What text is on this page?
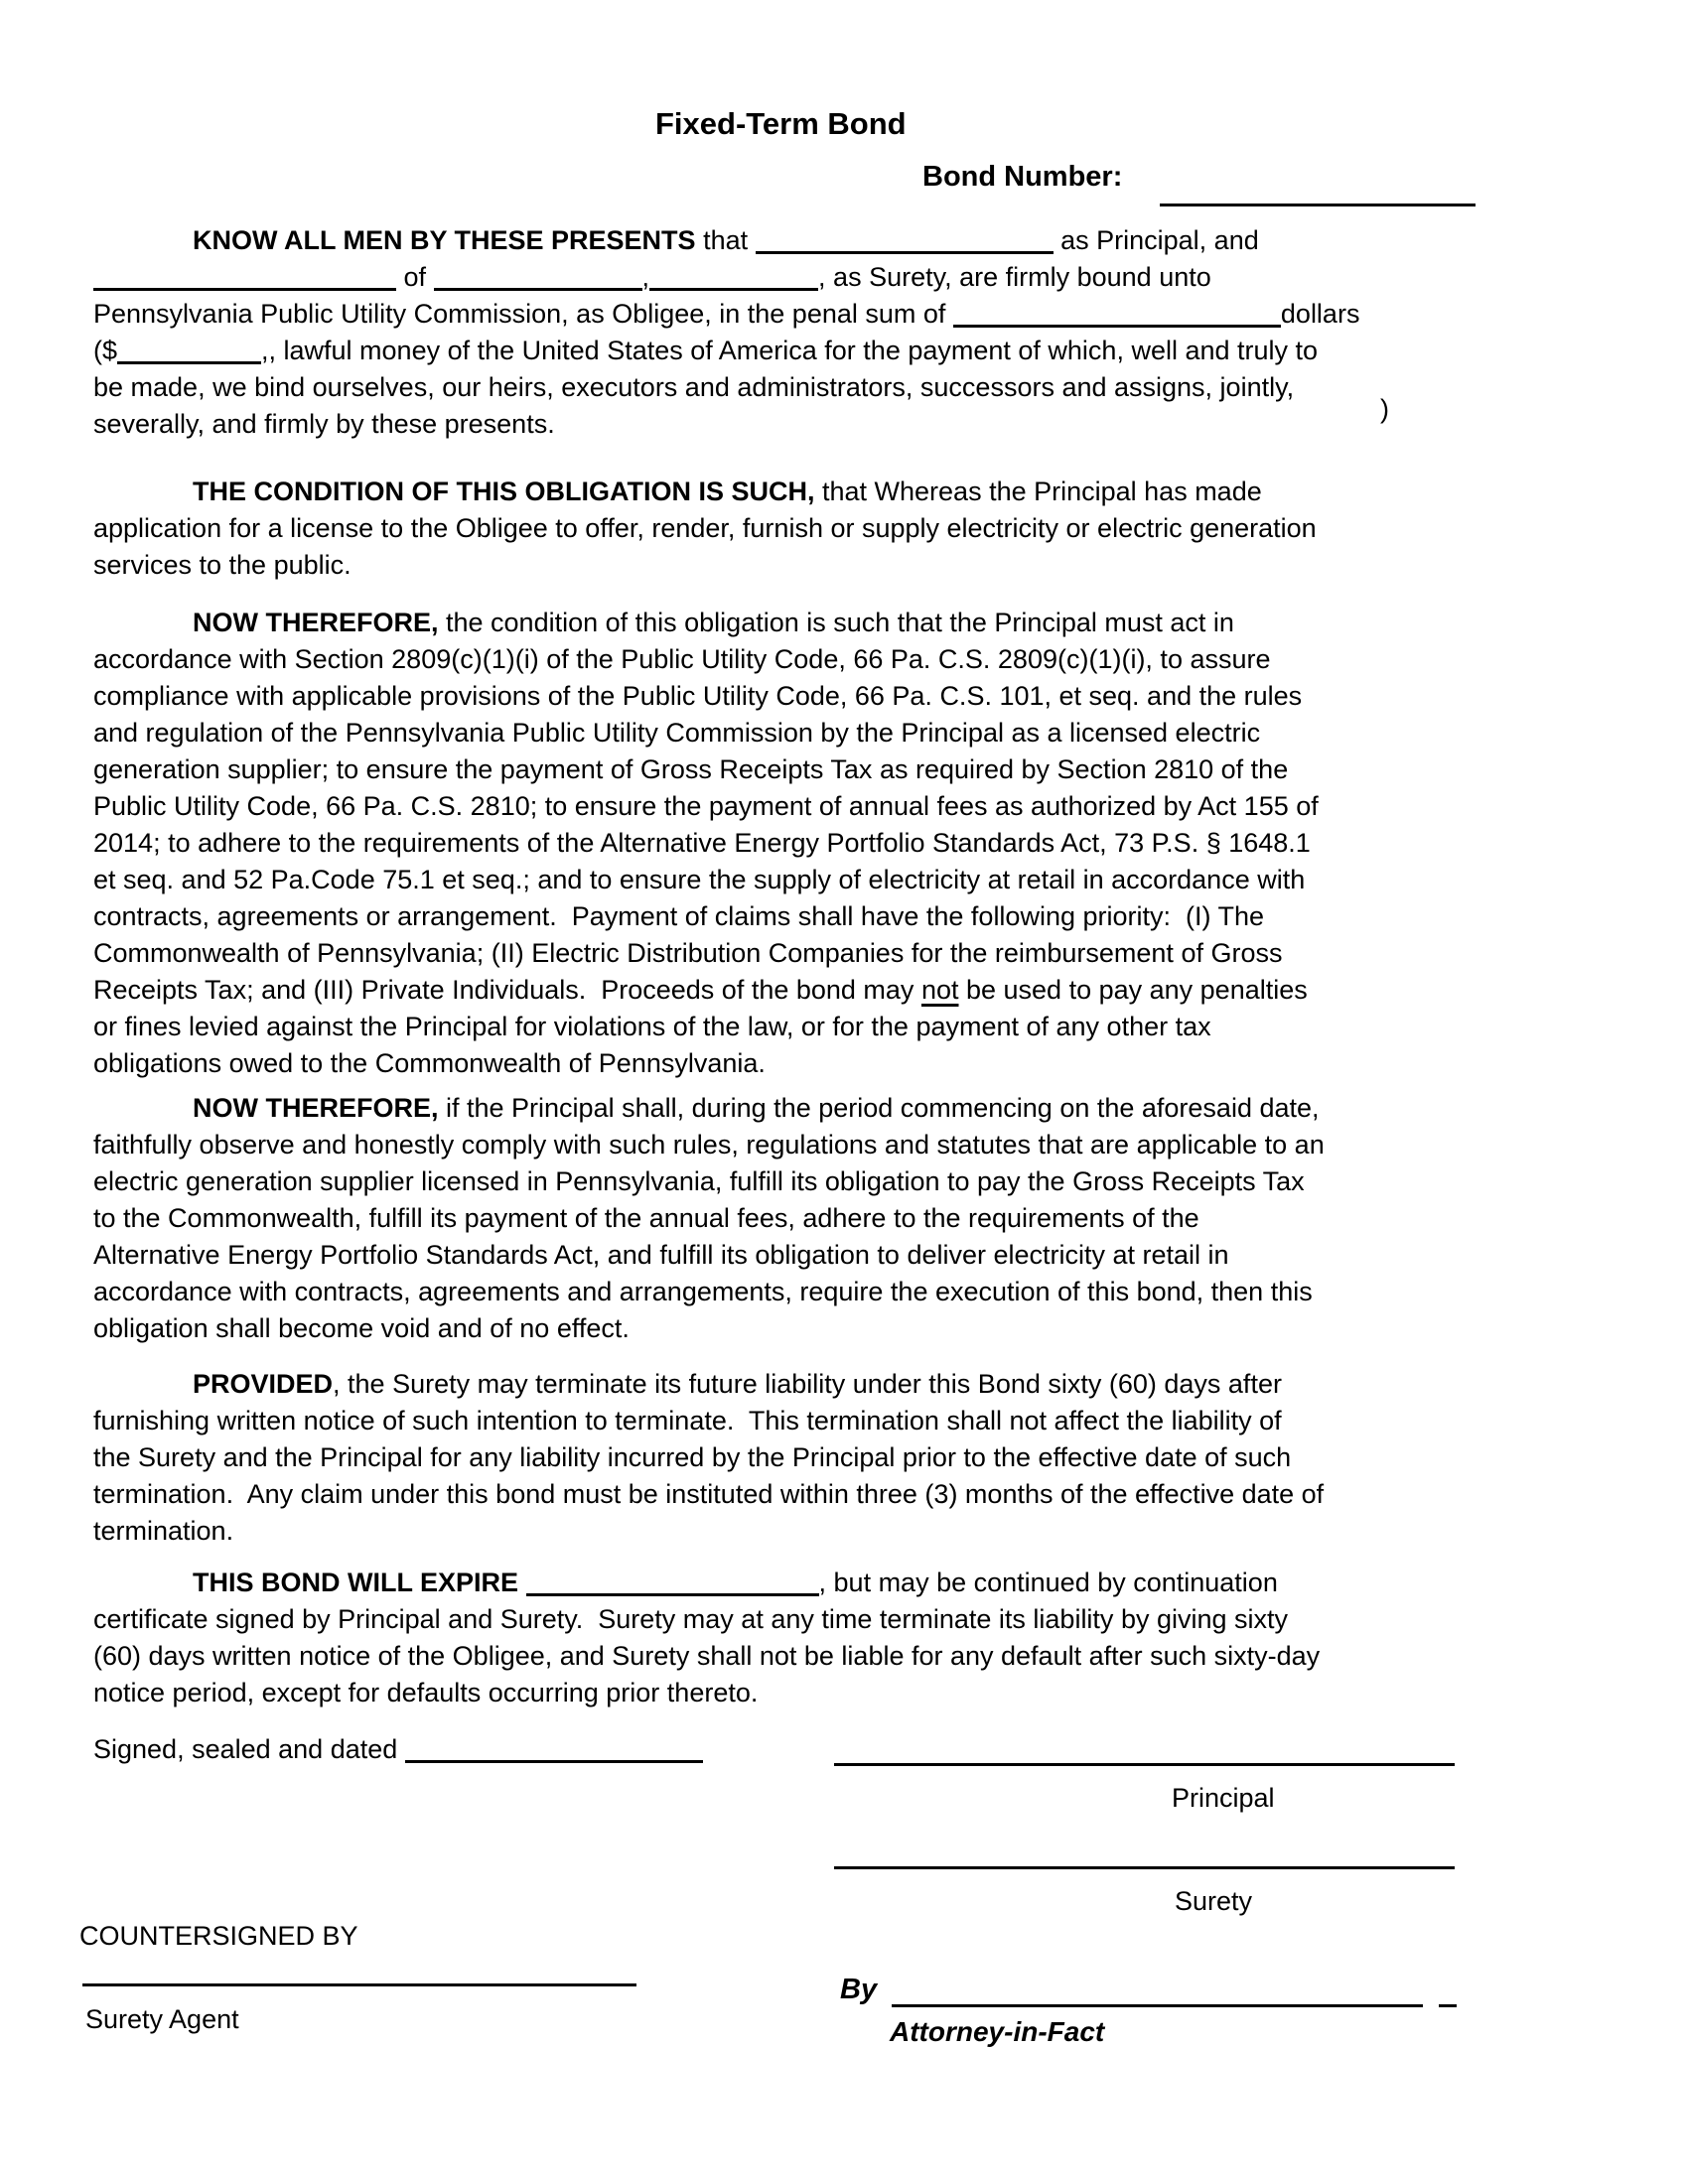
Fixed-Term Bond
Bond Number:
KNOW ALL MEN BY THESE PRESENTS that	as Principal, and
of	,	, as Surety, are firmly bound unto
Pennsylvania Public Utility Commission, as Obligee, in the penal sum of	dollars
($	,, lawful money of the United States of America for the payment of which, well and truly to
be made, we bind ourselves, our heirs, executors and administrators, successors and assigns, jointly,
severally, and firmly by these presents.	)
THE CONDITION OF THIS OBLIGATION IS SUCH, that Whereas the Principal has made
application for a license to the Obligee to offer, render, furnish or supply electricity or electric generation
services to the public.
NOW THEREFORE, the condition of this obligation is such that the Principal must act in
accordance with Section 2809(c)(1)(i) of the Public Utility Code, 66 Pa. C.S. 2809(c)(1)(i), to assure
compliance with applicable provisions of the Public Utility Code, 66 Pa. C.S. 101, et seq. and the rules
and regulation of the Pennsylvania Public Utility Commission by the Principal as a licensed electric
generation supplier; to ensure the payment of Gross Receipts Tax as required by Section 2810 of the
Public Utility Code, 66 Pa. C.S. 2810; to ensure the payment of annual fees as authorized by Act 155 of
2014; to adhere to the requirements of the Alternative Energy Portfolio Standards Act, 73 P.S. § 1648.1
et seq. and 52 Pa.Code 75.1 et seq.; and to ensure the supply of electricity at retail in accordance with
contracts, agreements or arrangement.  Payment of claims shall have the following priority:  (I) The
Commonwealth of Pennsylvania; (II) Electric Distribution Companies for the reimbursement of Gross
Receipts Tax; and (III) Private Individuals.  Proceeds of the bond may not be used to pay any penalties
or fines levied against the Principal for violations of the law, or for the payment of any other tax
obligations owed to the Commonwealth of Pennsylvania.
NOW THEREFORE, if the Principal shall, during the period commencing on the aforesaid date,
faithfully observe and honestly comply with such rules, regulations and statutes that are applicable to an
electric generation supplier licensed in Pennsylvania, fulfill its obligation to pay the Gross Receipts Tax
to the Commonwealth, fulfill its payment of the annual fees, adhere to the requirements of the
Alternative Energy Portfolio Standards Act, and fulfill its obligation to deliver electricity at retail in
accordance with contracts, agreements and arrangements, require the execution of this bond, then this
obligation shall become void and of no effect.
PROVIDED, the Surety may terminate its future liability under this Bond sixty (60) days after
furnishing written notice of such intention to terminate.  This termination shall not affect the liability of
the Surety and the Principal for any liability incurred by the Principal prior to the effective date of such
termination.  Any claim under this bond must be instituted within three (3) months of the effective date of
termination.
THIS BOND WILL EXPIRE	, but may be continued by continuation
certificate signed by Principal and Surety.  Surety may at any time terminate its liability by giving sixty
(60) days written notice of the Obligee, and Surety shall not be liable for any default after such sixty-day
notice period, except for defaults occurring prior thereto.
Signed, sealed and dated
Principal
Surety
By
Attorney-in-Fact
COUNTERSIGNED BY
Surety Agent
